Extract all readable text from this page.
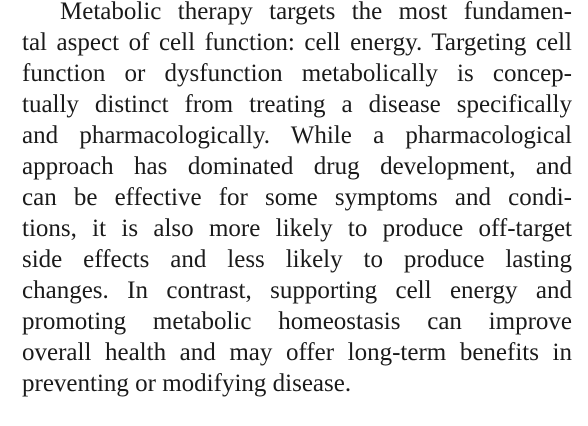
Metabolic therapy targets the most fundamen-
tal aspect of cell function: cell energy. Targeting cell
function or dysfunction metabolically is concep-
tually distinct from treating a disease specifically
and pharmacologically. While a pharmacological
approach has dominated drug development, and
can be effective for some symptoms and condi-
tions, it is also more likely to produce off-target
side effects and less likely to produce lasting
changes. In contrast, supporting cell energy and
promoting metabolic homeostasis can improve
overall health and may offer long-term benefits in
preventing or modifying disease.
